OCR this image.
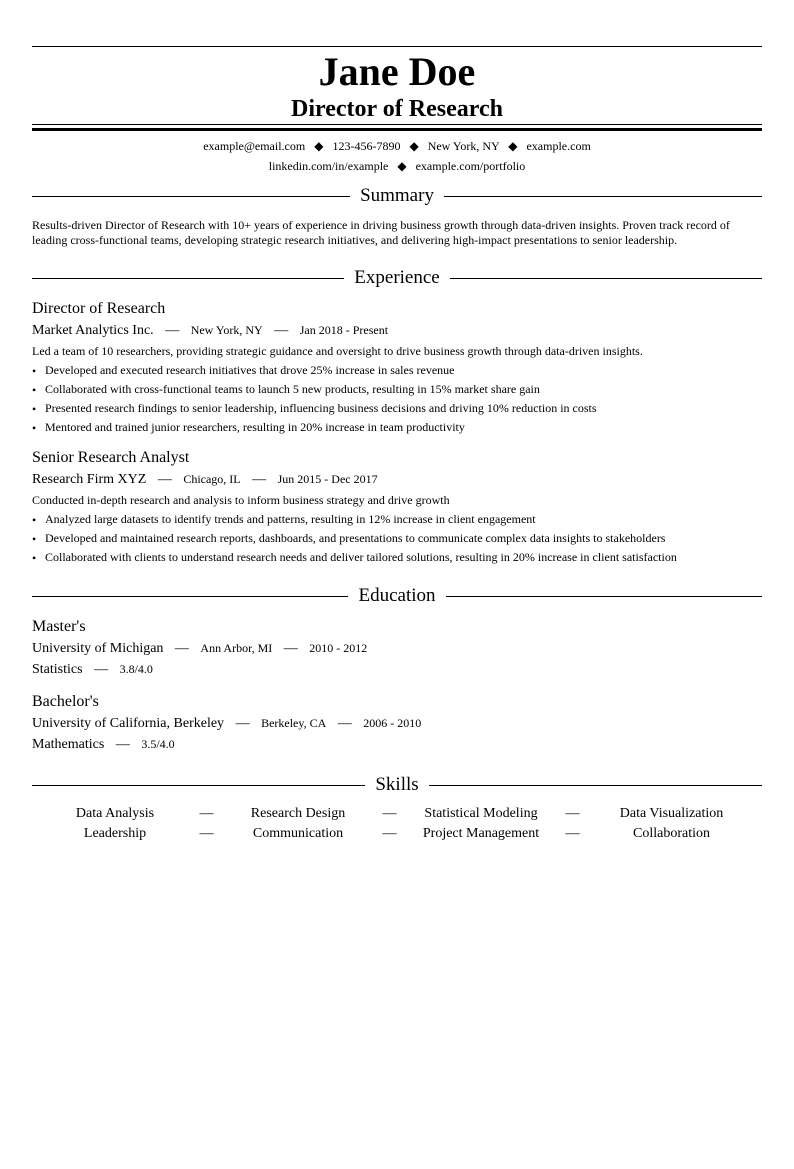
Jane Doe
Director of Research
example@email.com ◆ 123-456-7890 ◆ New York, NY ◆ example.com
linkedin.com/in/example ◆ example.com/portfolio
Summary
Results-driven Director of Research with 10+ years of experience in driving business growth through data-driven insights. Proven track record of leading cross-functional teams, developing strategic research initiatives, and delivering high-impact presentations to senior leadership.
Experience
Director of Research
Market Analytics Inc. — New York, NY — Jan 2018 - Present
Led a team of 10 researchers, providing strategic guidance and oversight to drive business growth through data-driven insights.
• Developed and executed research initiatives that drove 25% increase in sales revenue
• Collaborated with cross-functional teams to launch 5 new products, resulting in 15% market share gain
• Presented research findings to senior leadership, influencing business decisions and driving 10% reduction in costs
• Mentored and trained junior researchers, resulting in 20% increase in team productivity
Senior Research Analyst
Research Firm XYZ — Chicago, IL — Jun 2015 - Dec 2017
Conducted in-depth research and analysis to inform business strategy and drive growth
• Analyzed large datasets to identify trends and patterns, resulting in 12% increase in client engagement
• Developed and maintained research reports, dashboards, and presentations to communicate complex data insights to stakeholders
• Collaborated with clients to understand research needs and deliver tailored solutions, resulting in 20% increase in client satisfaction
Education
Master's
University of Michigan — Ann Arbor, MI — 2010 - 2012
Statistics — 3.8/4.0
Bachelor's
University of California, Berkeley — Berkeley, CA — 2006 - 2010
Mathematics — 3.5/4.0
Skills
Data Analysis	—	Research Design	—	Statistical Modeling	—	Data Visualization
Leadership	—	Communication	—	Project Management	—	Collaboration
